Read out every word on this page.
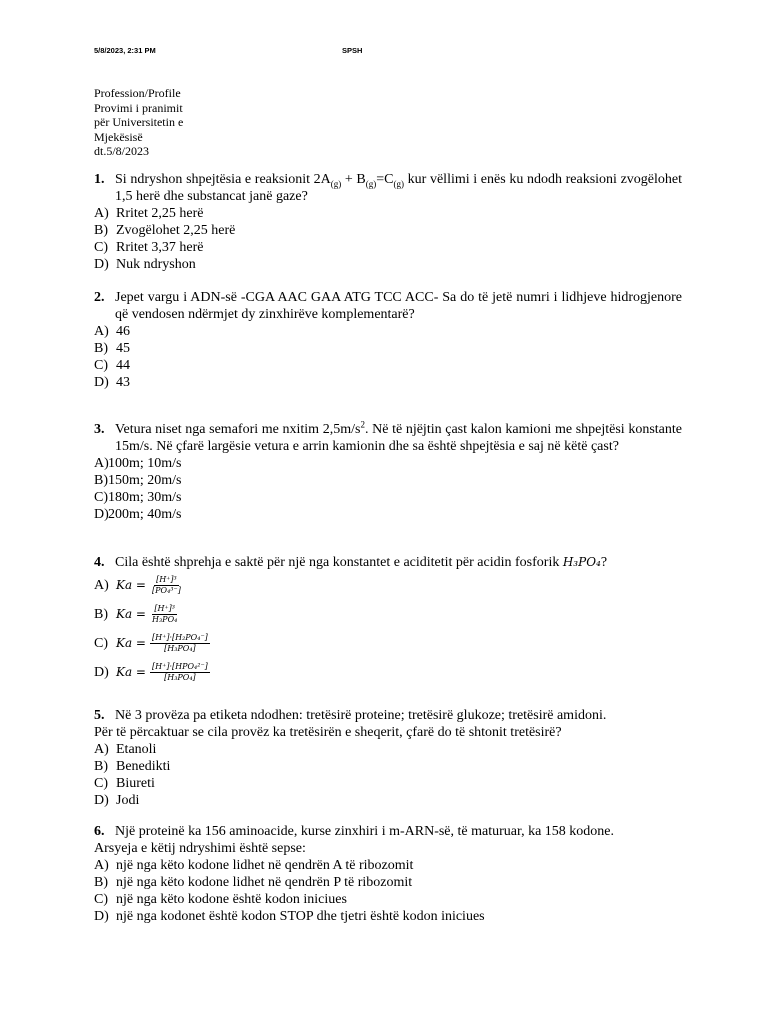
5/8/2023, 2:31 PM	SPSH
Profession/Profile
Provimi i pranimit
për Universitetin e
Mjekësisë
dt.5/8/2023
1. Si ndryshon shpejtësia e reaksionit $2A_{(g)} + B_{(g)}=C_{(g)}$ kur vëllimi i enës ku ndodh reaksioni zvogëlohet 1,5 herë dhe substancat janë gaze?
A) Rritet 2,25 herë
B) Zvogëlohet 2,25 herë
C) Rritet 3,37 herë
D) Nuk ndryshon
2. Jepet vargu i ADN-së -CGA AAC GAA ATG TCC ACC- Sa do të jetë numri i lidhjeve hidrogjenore që vendosen ndërmjet dy zinxhirëve komplementarë?
A) 46
B) 45
C) 44
D) 43
3. Vetura niset nga semafori me nxitim $2,5m/s^2$. Në të njëjtin çast kalon kamioni me shpejtësi konstante 15m/s. Në çfarë largësie vetura e arrin kamionin dhe sa është shpejtësia e saj në këtë çast?
A) 100m; 10m/s
B) 150m; 20m/s
C) 180m; 30m/s
D) 200m; 40m/s
4. Cila është shprehja e saktë për një nga konstantet e aciditetit për acidin fosforik H₃PO₄?
A) $Ka = \frac{\text{[H⁺]³}}{\text{[PO₄³⁻]}}$
B) $Ka = \frac{\text{[H⁺]³}}{\text{H₃PO₄}}$
C) $Ka = \frac{\text{[H⁺]·[H₂PO₄⁻]}}{\text{[H₃PO₄]}}$
D) $Ka = \frac{\text{[H⁺]·[HPO₄²⁻]}}{\text{[H₃PO₄]}}$
5. Në 3 provëza pa etiketa ndodhen: tretësirë proteine; tretësirë glukoze; tretësirë amidoni.
Për të përcaktuar se cila provëz ka tretësirën e sheqerit, çfarë do të shtonit tretësirë?
A) Etanoli
B) Benedikti
C) Biureti
D) Jodi
6. Një proteinë ka 156 aminoacide, kurse zinxhiri i m-ARN-së, të maturuar, ka 158 kodone.
Arsyeja e këtij ndryshimi është sepse:
A) një nga këto kodone lidhet në qendrën A të ribozomit
B) një nga këto kodone lidhet në qendrën P të ribozomit
C) një nga këto kodone është kodon iniciues
D) një nga kodonet është kodon STOP dhe tjetri është kodon iniciues
